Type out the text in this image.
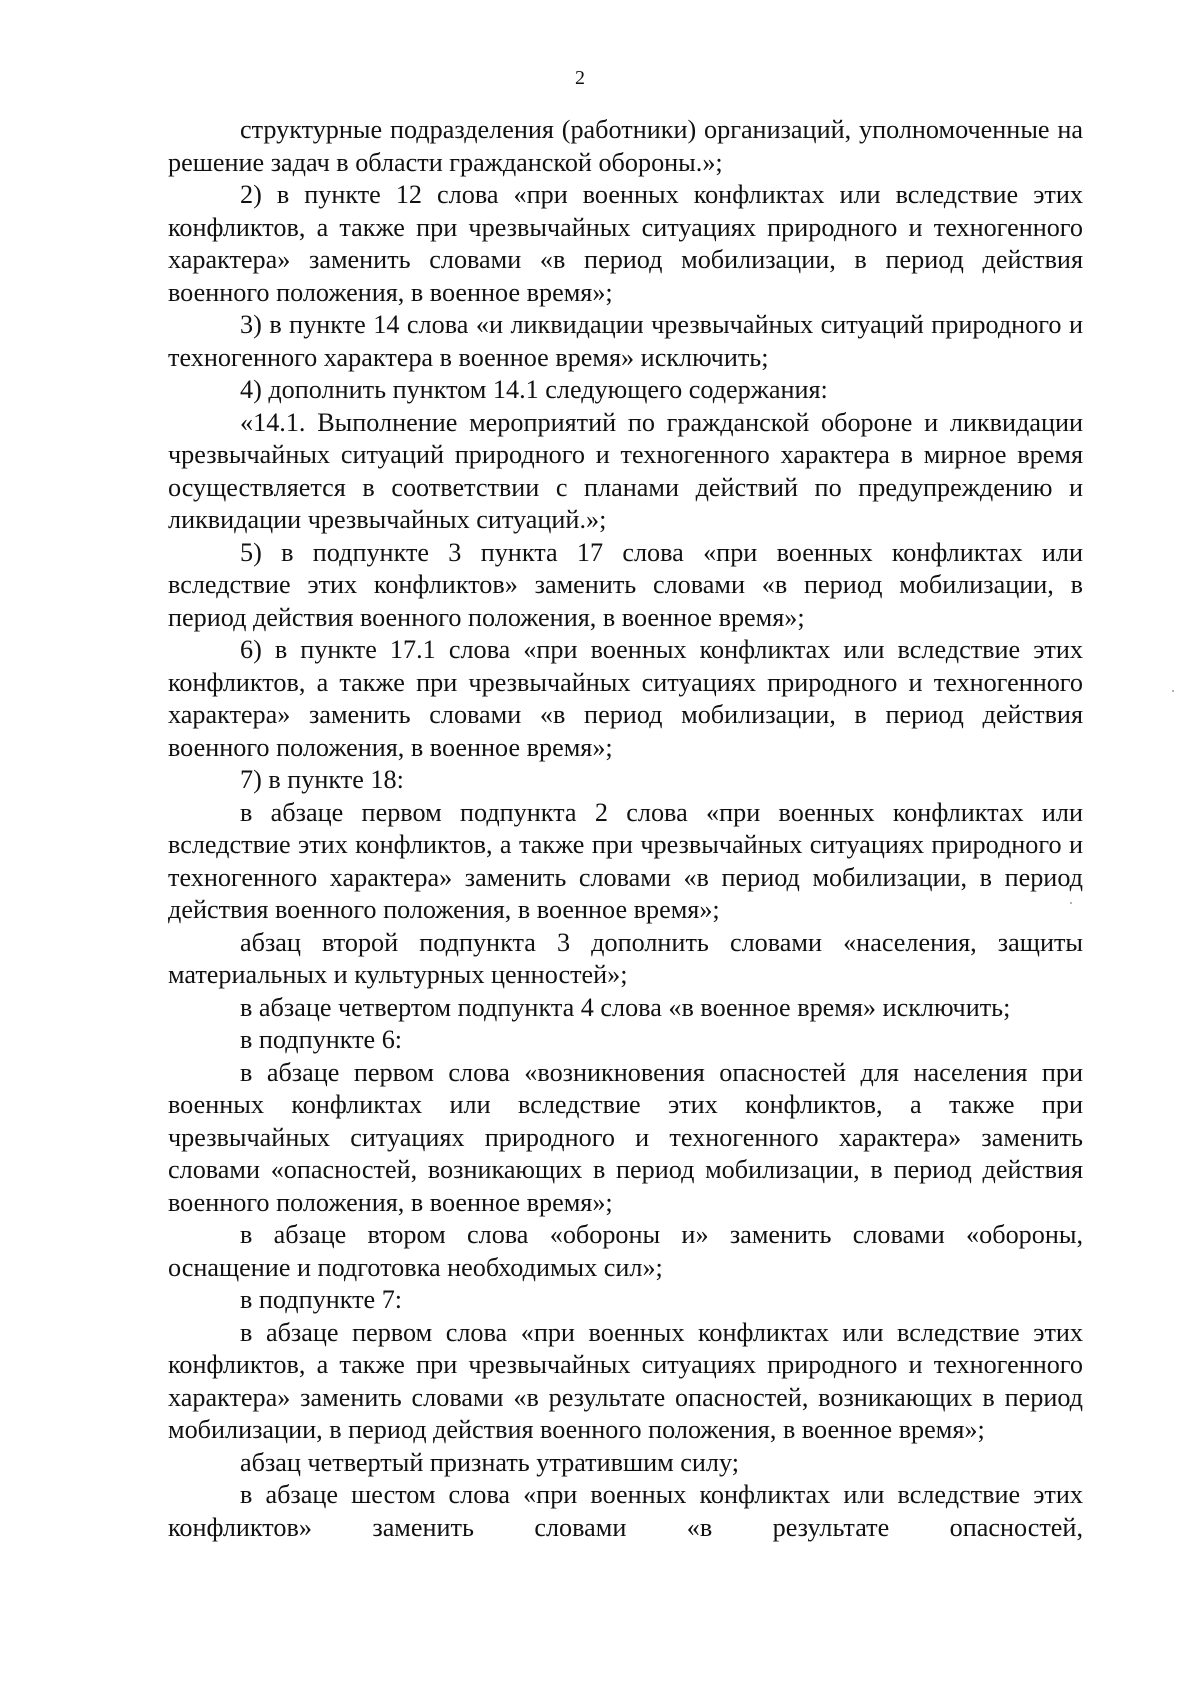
2

структурные подразделения (работники) организаций, уполномоченные на решение задач в области гражданской обороны.»;

2) в пункте 12 слова «при военных конфликтах или вследствие этих конфликтов, а также при чрезвычайных ситуациях природного и техногенного характера» заменить словами «в период мобилизации, в период действия военного положения, в военное время»;

3) в пункте 14 слова «и ликвидации чрезвычайных ситуаций природного и техногенного характера в военное время» исключить;

4) дополнить пунктом 14.1 следующего содержания:

«14.1. Выполнение мероприятий по гражданской обороне и ликвидации чрезвычайных ситуаций природного и техногенного характера в мирное время осуществляется в соответствии с планами действий по предупреждению и ликвидации чрезвычайных ситуаций.»;

5) в подпункте 3 пункта 17 слова «при военных конфликтах или вследствие этих конфликтов» заменить словами «в период мобилизации, в период действия военного положения, в военное время»;

6) в пункте 17.1 слова «при военных конфликтах или вследствие этих конфликтов, а также при чрезвычайных ситуациях природного и техногенного характера» заменить словами «в период мобилизации, в период действия военного положения, в военное время»;

7) в пункте 18:

в абзаце первом подпункта 2 слова «при военных конфликтах или вследствие этих конфликтов, а также при чрезвычайных ситуациях природного и техногенного характера» заменить словами «в период мобилизации, в период действия военного положения, в военное время»;

абзац второй подпункта 3 дополнить словами «населения, защиты материальных и культурных ценностей»;

в абзаце четвертом подпункта 4 слова «в военное время» исключить;

в подпункте 6:

в абзаце первом слова «возникновения опасностей для населения при военных конфликтах или вследствие этих конфликтов, а также при чрезвычайных ситуациях природного и техногенного характера» заменить словами «опасностей, возникающих в период мобилизации, в период действия военного положения, в военное время»;

в абзаце втором слова «обороны и» заменить словами «обороны, оснащение и подготовка необходимых сил»;

в подпункте 7:

в абзаце первом слова «при военных конфликтах или вследствие этих конфликтов, а также при чрезвычайных ситуациях природного и техногенного характера» заменить словами «в результате опасностей, возникающих в период мобилизации, в период действия военного положения, в военное время»;

абзац четвертый признать утратившим силу;

в абзаце шестом слова «при военных конфликтах или вследствие этих конфликтов» заменить словами «в результате опасностей,
